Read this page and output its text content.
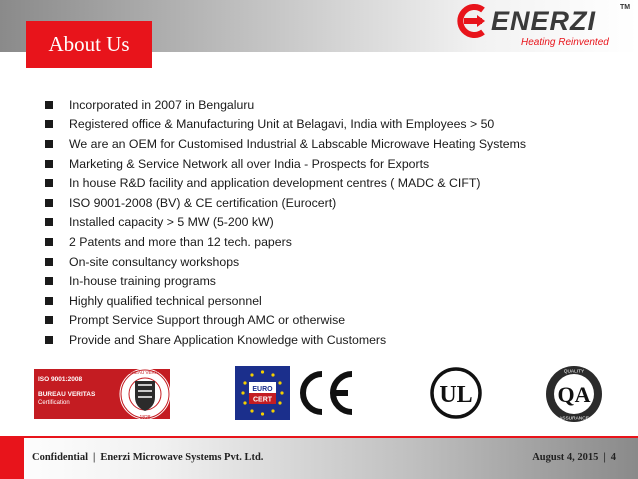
About Us
ENERZI	TM
Heating Reinvented
Incorporated in 2007 in Bengaluru
Registered office & Manufacturing Unit at Belagavi, India with Employees > 50
We are an OEM for Customised Industrial & Labscable Microwave Heating Systems
Marketing & Service Network all over India - Prospects for Exports
In house R&D facility and application development centres ( MADC & CIFT)
ISO 9001-2008 (BV) & CE certification (Eurocert)
Installed capacity > 5 MW (5-200 kW)
2 Patents and more than 12 tech. papers
On-site consultancy workshops
In-house training programs
Highly qualified technical personnel
Prompt Service Support through AMC or otherwise
Provide and Share Application Knowledge with Customers
ISO 9001:2008
BUREAU VERITAS
Certification
1828
BUREAU VERITAS
EURO
CERT	UL
QUALITY
ASSURANCE
QA
Confidential | Enerzi Microwave Systems Pvt. Ltd.	August 4, 2015 | 4
